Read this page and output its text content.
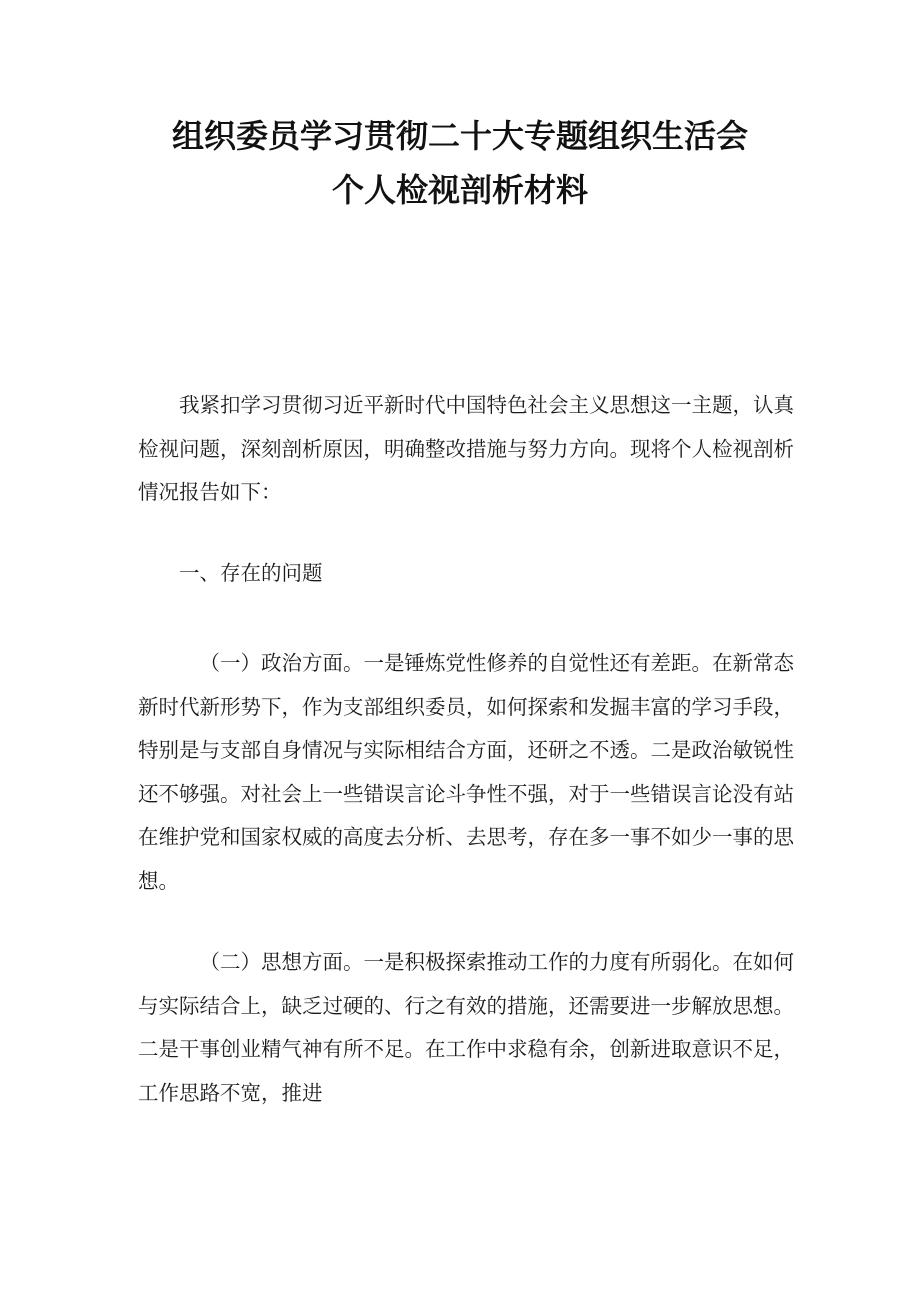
组织委员学习贯彻二十大专题组织生活会
个人检视剖析材料

我紧扣学习贯彻习近平新时代中国特色社会主义思想这一主题，认真检视问题，深刻剖析原因，明确整改措施与努力方向。现将个人检视剖析情况报告如下：

一、存在的问题

（一）政治方面。一是锤炼党性修养的自觉性还有差距。在新常态新时代新形势下，作为支部组织委员，如何探索和发掘丰富的学习手段，特别是与支部自身情况与实际相结合方面，还研之不透。二是政治敏锐性还不够强。对社会上一些错误言论斗争性不强，对于一些错误言论没有站在维护党和国家权威的高度去分析、去思考，存在多一事不如少一事的思想。

（二）思想方面。一是积极探索推动工作的力度有所弱化。在如何与实际结合上，缺乏过硬的、行之有效的措施，还需要进一步解放思想。二是干事创业精气神有所不足。在工作中求稳有余，创新进取意识不足，工作思路不宽，推进
